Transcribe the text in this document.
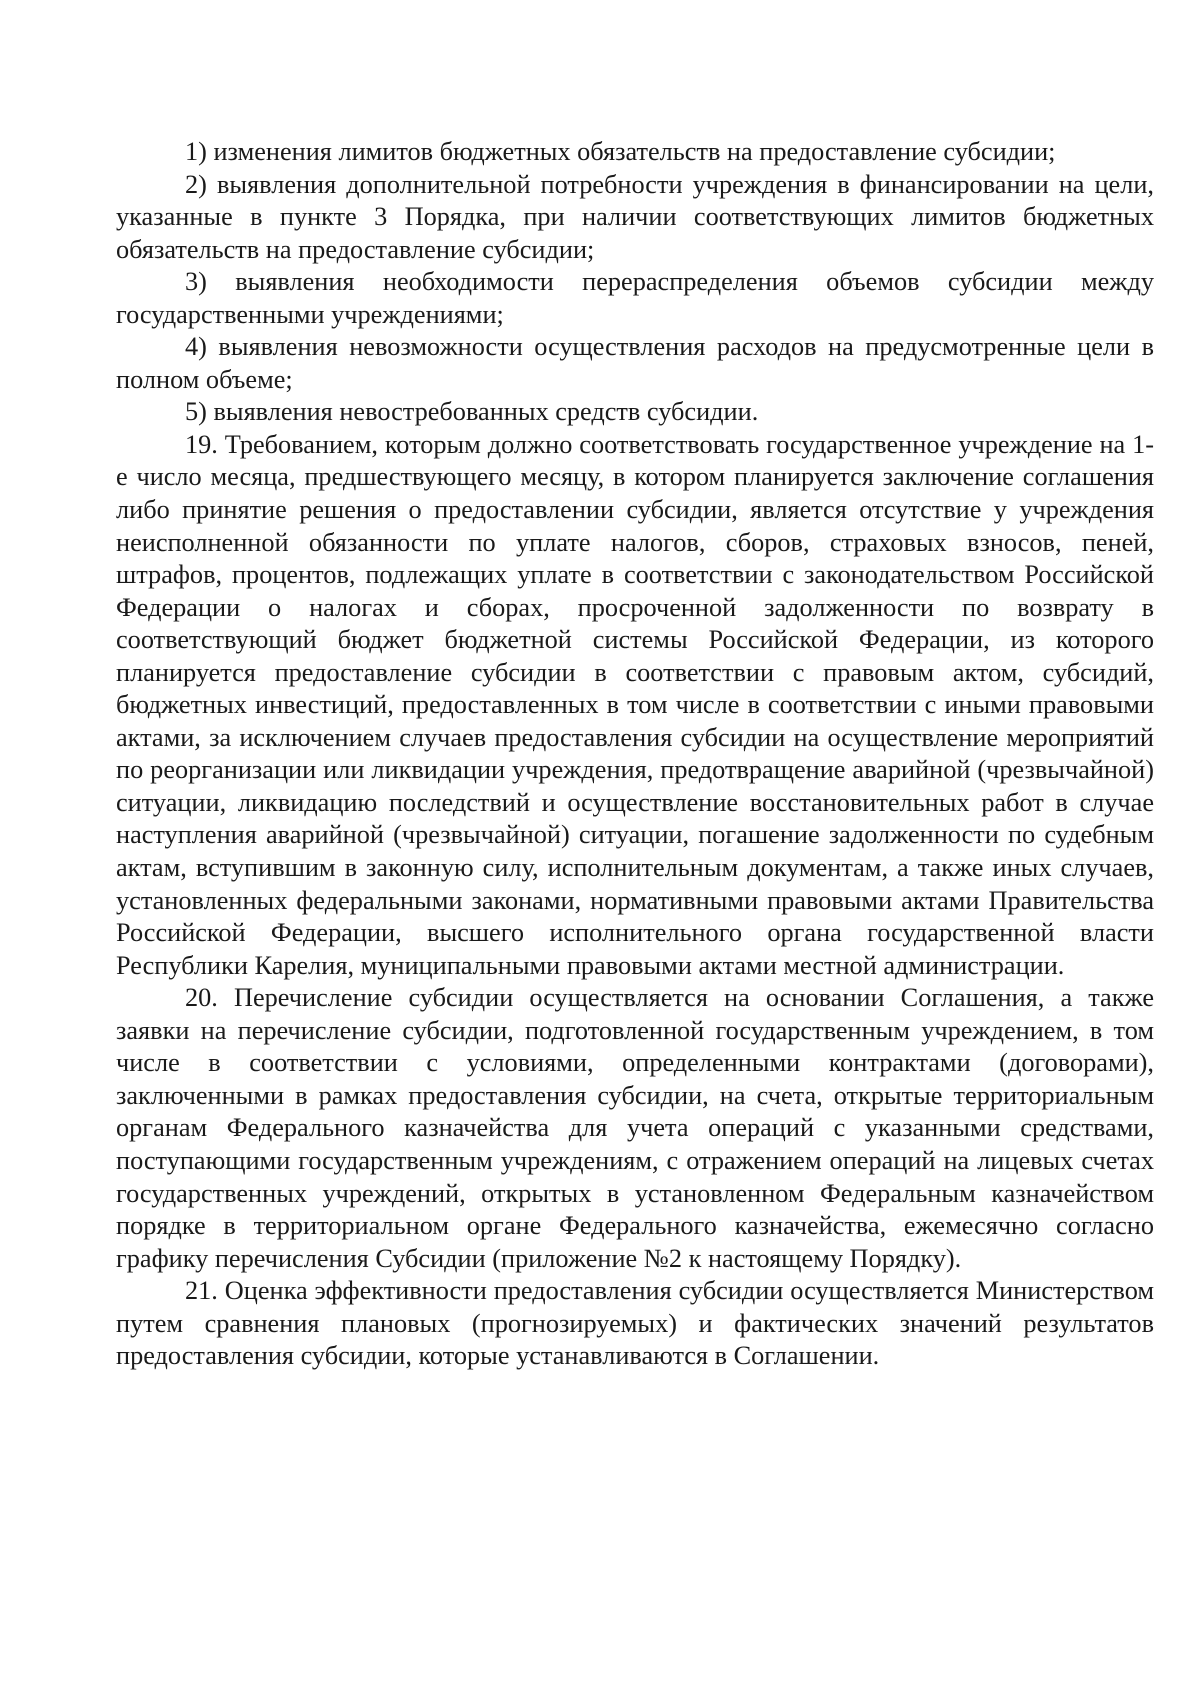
1) изменения лимитов бюджетных обязательств на предоставление субсидии;

2) выявления дополнительной потребности учреждения в финансировании на цели, указанные в пункте 3 Порядка, при наличии соответствующих лимитов бюджетных обязательств на предоставление субсидии;

3) выявления необходимости перераспределения объемов субсидии между государственными учреждениями;

4) выявления невозможности осуществления расходов на предусмотренные цели в полном объеме;

5) выявления невостребованных средств субсидии.

19. Требованием, которым должно соответствовать государственное учреждение на 1-е число месяца, предшествующего месяцу, в котором планируется заключение соглашения либо принятие решения о предоставлении субсидии, является отсутствие у учреждения неисполненной обязанности по уплате налогов, сборов, страховых взносов, пеней, штрафов, процентов, подлежащих уплате в соответствии с законодательством Российской Федерации о налогах и сборах, просроченной задолженности по возврату в соответствующий бюджет бюджетной системы Российской Федерации, из которого планируется предоставление субсидии в соответствии с правовым актом, субсидий, бюджетных инвестиций, предоставленных в том числе в соответствии с иными правовыми актами, за исключением случаев предоставления субсидии на осуществление мероприятий по реорганизации или ликвидации учреждения, предотвращение аварийной (чрезвычайной) ситуации, ликвидацию последствий и осуществление восстановительных работ в случае наступления аварийной (чрезвычайной) ситуации, погашение задолженности по судебным актам, вступившим в законную силу, исполнительным документам, а также иных случаев, установленных федеральными законами, нормативными правовыми актами Правительства Российской Федерации, высшего исполнительного органа государственной власти Республики Карелия, муниципальными правовыми актами местной администрации.

20. Перечисление субсидии осуществляется на основании Соглашения, а также заявки на перечисление субсидии, подготовленной государственным учреждением, в том числе в соответствии с условиями, определенными контрактами (договорами), заключенными в рамках предоставления субсидии, на счета, открытые территориальным органам Федерального казначейства для учета операций с указанными средствами, поступающими государственным учреждениям, с отражением операций на лицевых счетах государственных учреждений, открытых в установленном Федеральным казначейством порядке в территориальном органе Федерального казначейства, ежемесячно согласно графику перечисления Субсидии (приложение №2 к настоящему Порядку).

21. Оценка эффективности предоставления субсидии осуществляется Министерством путем сравнения плановых (прогнозируемых) и фактических значений результатов предоставления субсидии, которые устанавливаются в Соглашении.
